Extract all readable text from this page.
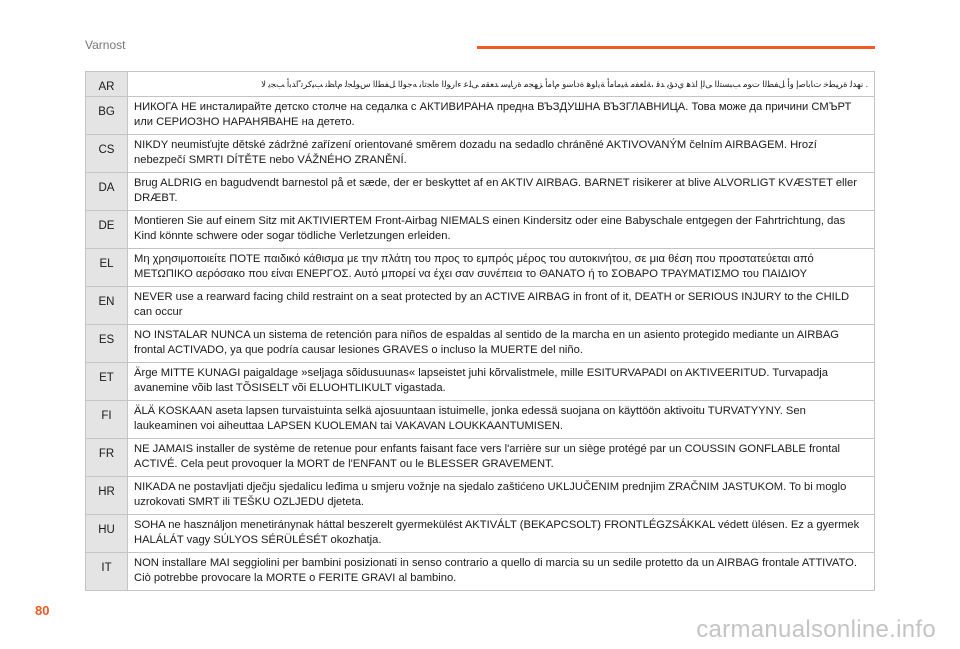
Varnost
AR	. ﻧﻬﺪﻟ ﺓﺮﻴﻄﺧ ﺕﺎﺑﺎﺻﺇ ﻭﺃ ﻞﻔﻄﻟﺍ ﺕﻮﻣ ﺐﺒﺴﺘﻟﺍ ﻰﻟﺇ ﺍﺬﻫ ﻱﺩﺆﻳ ﺪﻗ ،ﺔﻠﻌﻔﻣ ﺔﻴﻣﺎﻣﺃ ﺔﻳﺍﻮﻫ ﺓﺩﺎﺳﻭ ﻡﺎﻣﺃ ﺰﻬﺠﻣ ﺓﺭﺎﻴﺳ ﺪﻌﻘﻣ ﻰﻠﻋ ءﺍﺭﻮﻟﺍ ﻩﺎﺠﺗﺎﺑ ﻪﺟﻮﻟﺍ ﻞﻔﻄﻟﺍ ﺱﻮﻠﺠﻟ ﻡﺎﻈﻧ ﺐﻴﻛﺮﺗ ًﺍﺪﺑﺃ ﺐﺠﻳ ﻻ
BG	НИКОГА НЕ инсталирайте детско столче на седалка с АКТИВИРАНА предна ВЪЗДУШНА ВЪЗГЛАВНИЦА. Това може да причини СМЪРТ или СЕРИОЗНО НАРАНЯВАНЕ на детето.
CS	NIKDY neumisťujte dětské zádržné zařízení orientované směrem dozadu na sedadlo chráněné AKTIVOVANÝM čelním AIRBAGEM. Hrozí nebezpečí SMRTI DÍTĚTE nebo VÁŽNÉHO ZRANĚNÍ.
DA	Brug ALDRIG en bagudvendt barnestol på et sæde, der er beskyttet af en AKTIV AIRBAG. BARNET risikerer at blive ALVORLIGT KVÆSTET eller DRÆBT.
DE	Montieren Sie auf einem Sitz mit AKTIVIERTEM Front-Airbag NIEMALS einen Kindersitz oder eine Babyschale entgegen der Fahrtrichtung, das Kind könnte schwere oder sogar tödliche Verletzungen erleiden.
EL	Μη χρησιμοποιείτε ΠΟΤΕ παιδικό κάθισμα με την πλάτη του προς το εμπρός μέρος του αυτοκινήτου, σε μια θέση που προστατεύεται από ΜΕΤΩΠΙΚΟ αερόσακο που είναι ΕΝΕΡΓΟΣ. Αυτό μπορεί να έχει σαν συνέπεια το ΘΑΝΑΤΟ ή το ΣΟΒΑΡΟ ΤΡΑΥΜΑΤΙΣΜΟ του ΠΑΙΔΙΟΥ
EN	NEVER use a rearward facing child restraint on a seat protected by an ACTIVE AIRBAG in front of it, DEATH or SERIOUS INJURY to the CHILD can occur
ES	NO INSTALAR NUNCA un sistema de retención para niños de espaldas al sentido de la marcha en un asiento protegido mediante un AIRBAG frontal ACTIVADO, ya que podría causar lesiones GRAVES o incluso la MUERTE del niño.
ET	Ärge MITTE KUNAGI paigaldage »seljaga sõidusuunas« lapseistet juhi kõrvalistmele, mille ESITURVAPADI on AKTIVEERITUD. Turvapadja avanemine võib last TÕSISELT või ELUOHTLIKULT vigastada.
FI	ÄLÄ KOSKAAN aseta lapsen turvaistuinta selkä ajosuuntaan istuimelle, jonka edessä suojana on käyttöön aktivoitu TURVATYYNY. Sen laukeaminen voi aiheuttaa LAPSEN KUOLEMAN tai VAKAVAN LOUKKAANTUMISEN.
FR	NE JAMAIS installer de système de retenue pour enfants faisant face vers l'arrière sur un siège protégé par un COUSSIN GONFLABLE frontal ACTIVÉ. Cela peut provoquer la MORT de l'ENFANT ou le BLESSER GRAVEMENT.
HR	NIKADA ne postavljati dječju sjedalicu leđima u smjeru vožnje na sjedalo zaštićeno UKLJUČENIM prednjim ZRAČNIM JASTUKOM. To bi moglo uzrokovati SMRT ili TEŠKU OZLJEDU djeteta.
HU	SOHA ne használjon menetiránynak háttal beszerelt gyermekülést AKTIVÁLT (BEKAPCSOLT) FRONTLÉGZSÁKKAL védett ülésen. Ez a gyermek HALÁLÁT vagy SÚLYOS SÉRÜLÉSÉT okozhatja.
IT	NON installare MAI seggiolini per bambini posizionati in senso contrario a quello di marcia su un sedile protetto da un AIRBAG frontale ATTIVATO. Ciò potrebbe provocare la MORTE o FERITE GRAVI al bambino.
80
carmanualsonline.info
